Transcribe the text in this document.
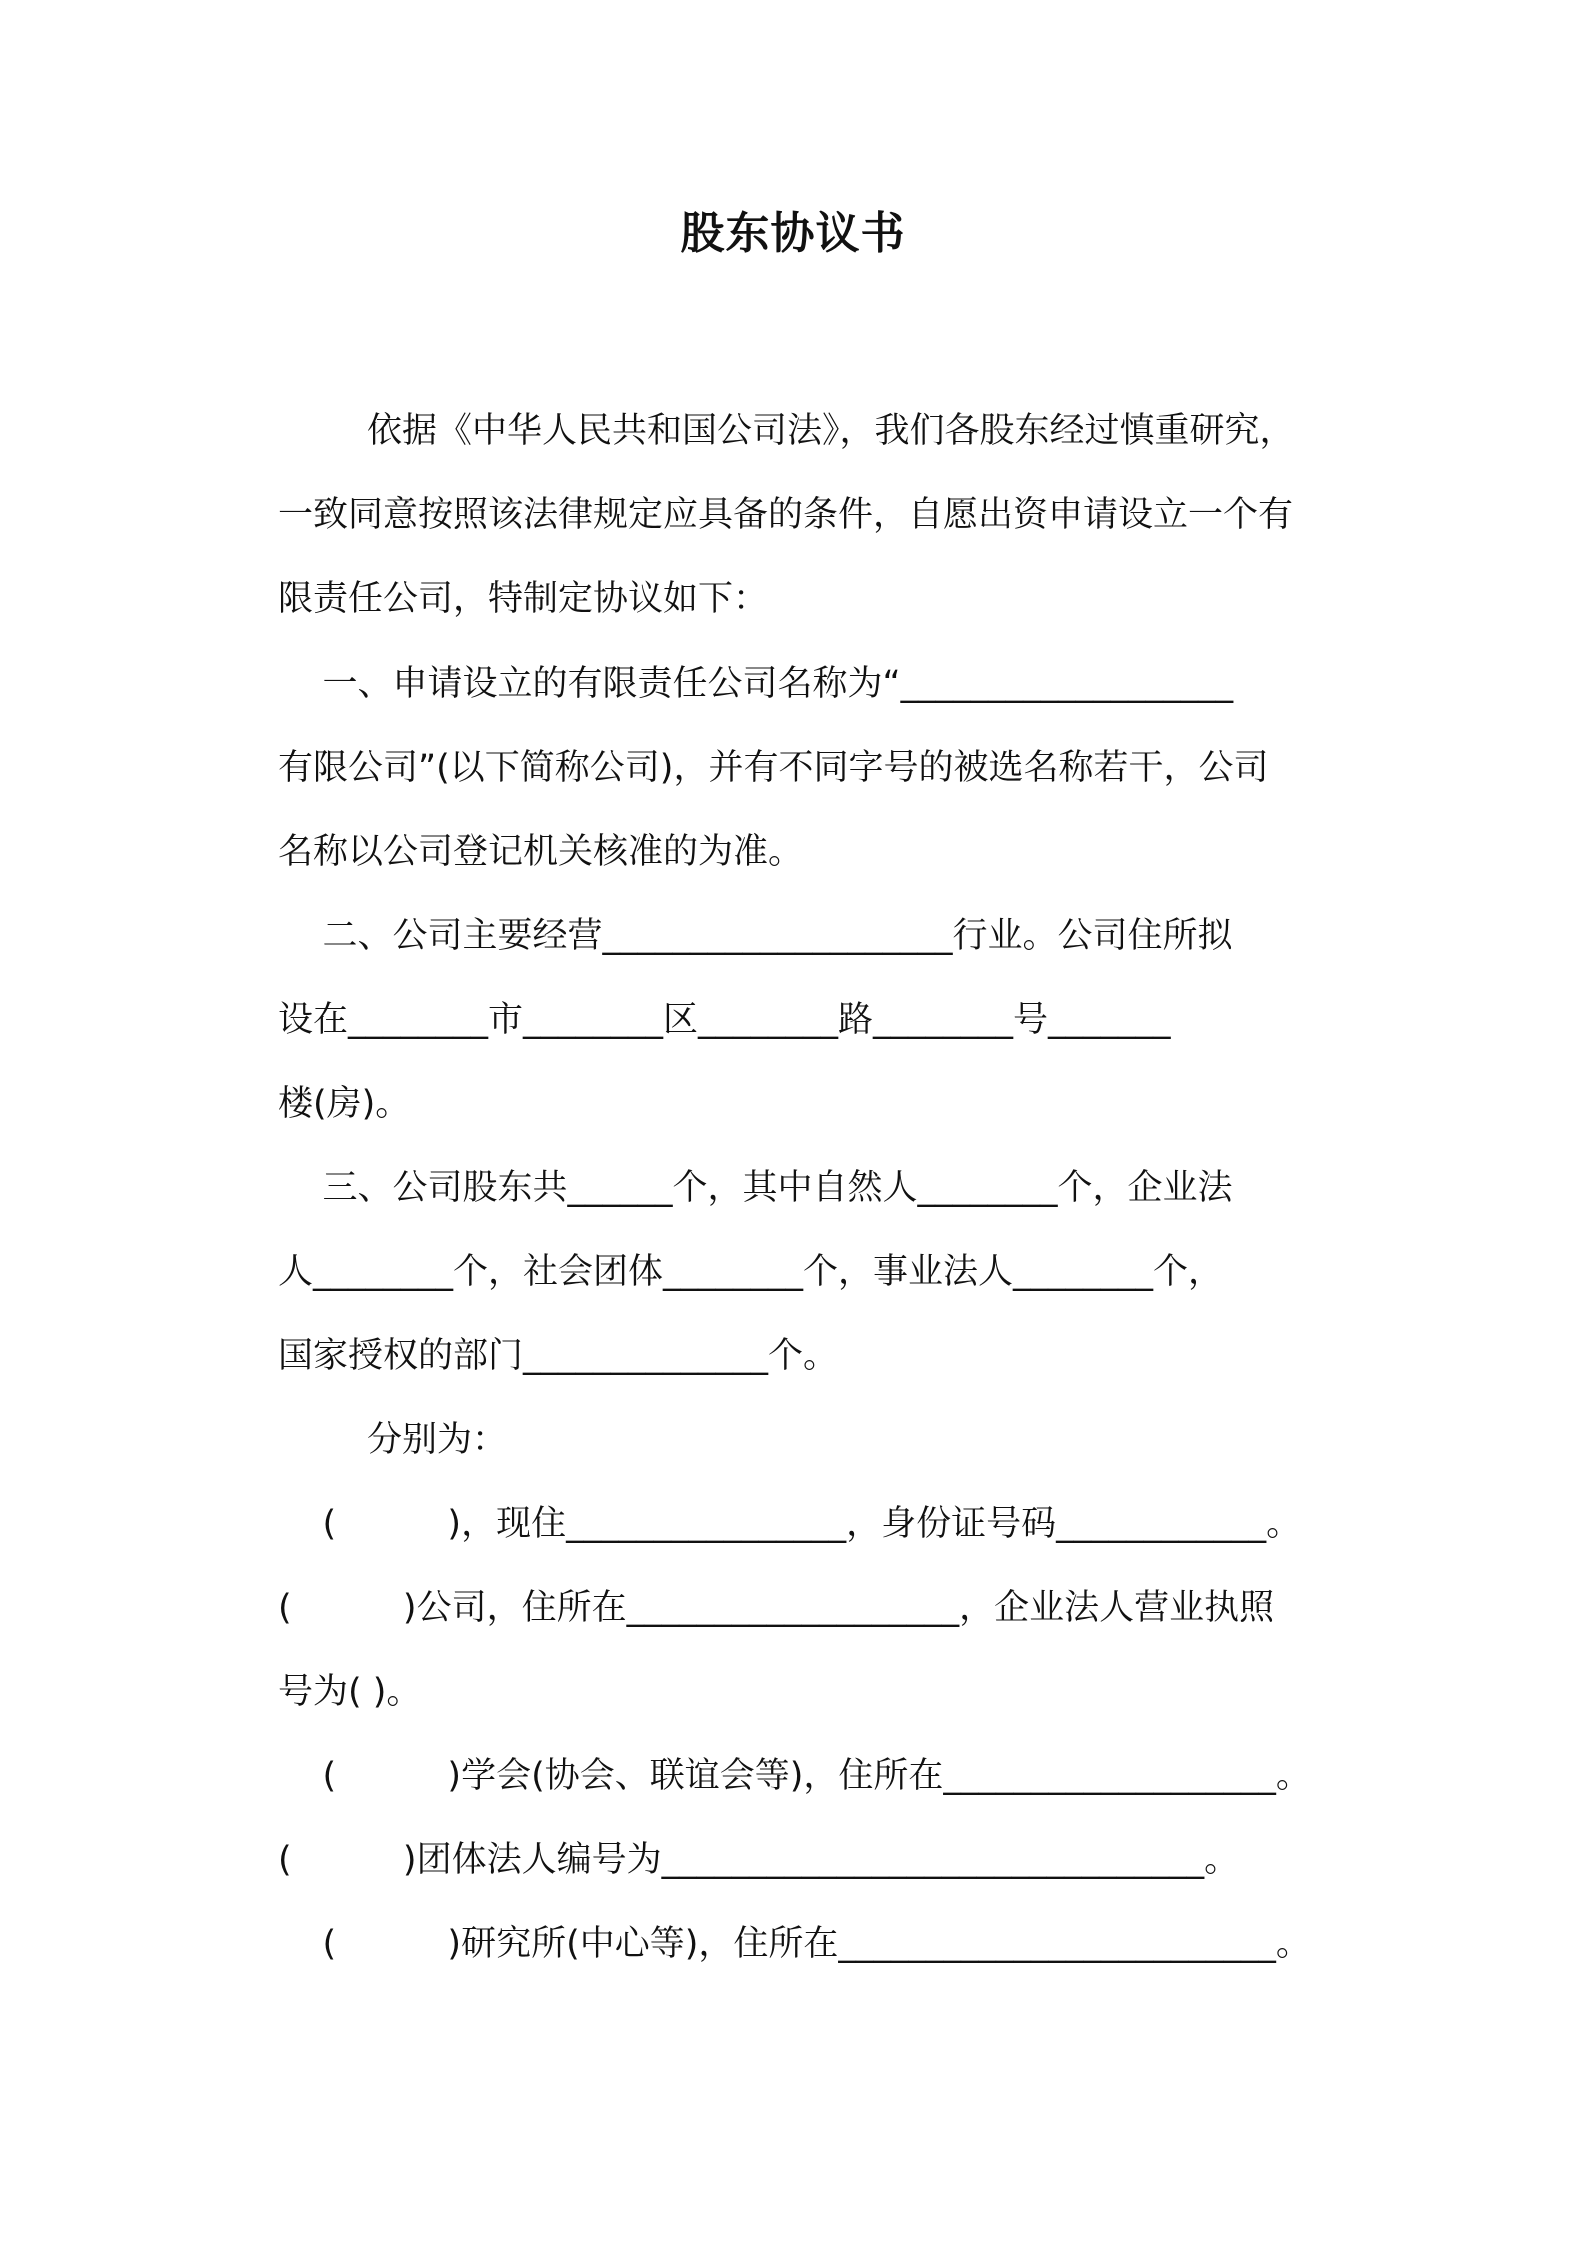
股东协议书

依据《中华人民共和国公司法》，我们各股东经过慎重研究，

一致同意按照该法律规定应具备的条件，自愿出资申请设立一个有

限责任公司，特制定协议如下：

一、申请设立的有限责任公司名称为“___________________

有限公司”(以下简称公司)，并有不同字号的被选名称若干，公司

名称以公司登记机关核准的为准。

二、公司主要经营____________________行业。公司住所拟

设在________市________区________路________号_______

楼(房)。

三、公司股东共______个，其中自然人________个，企业法

人________个，社会团体________个，事业法人________个，

国家授权的部门______________个。

分别为：

(          )，现住________________，身份证号码____________。

(          )公司，住所在___________________，企业法人营业执照

号为( )。

(          )学会(协会、联谊会等)，住所在___________________。

(          )团体法人编号为_______________________________。

(          )研究所(中心等)，住所在_________________________。
